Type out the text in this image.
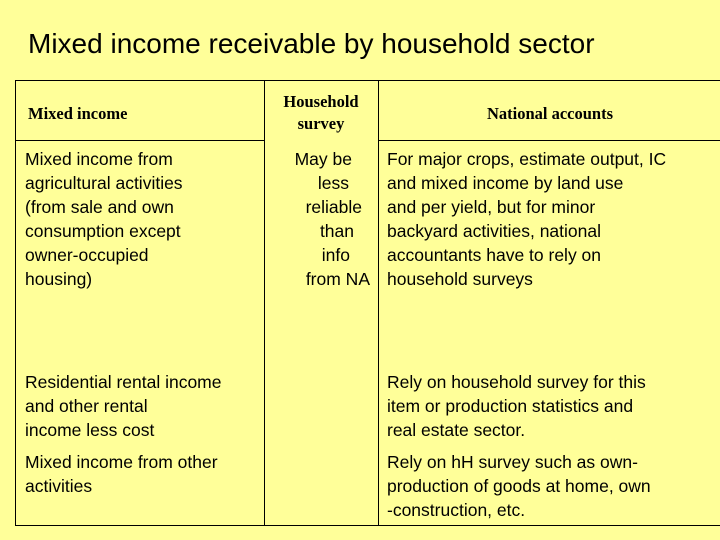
Mixed income receivable by household sector
Mixed income
Household
survey
National accounts
Mixed income from
agricultural activities
(from sale and own
consumption except
owner-occupied
housing)
May be
less
reliable
than
info
from NA
For major crops, estimate output, IC
and mixed income by land use
and per yield, but for minor
backyard activities, national
accountants have to rely on
household surveys
Residential rental income
and other rental
income less cost
Rely on household survey for this
item or production statistics and
real estate sector.
Mixed income from other
activities
Rely on hH survey such as own-
production of goods at home, own
-construction, etc.
